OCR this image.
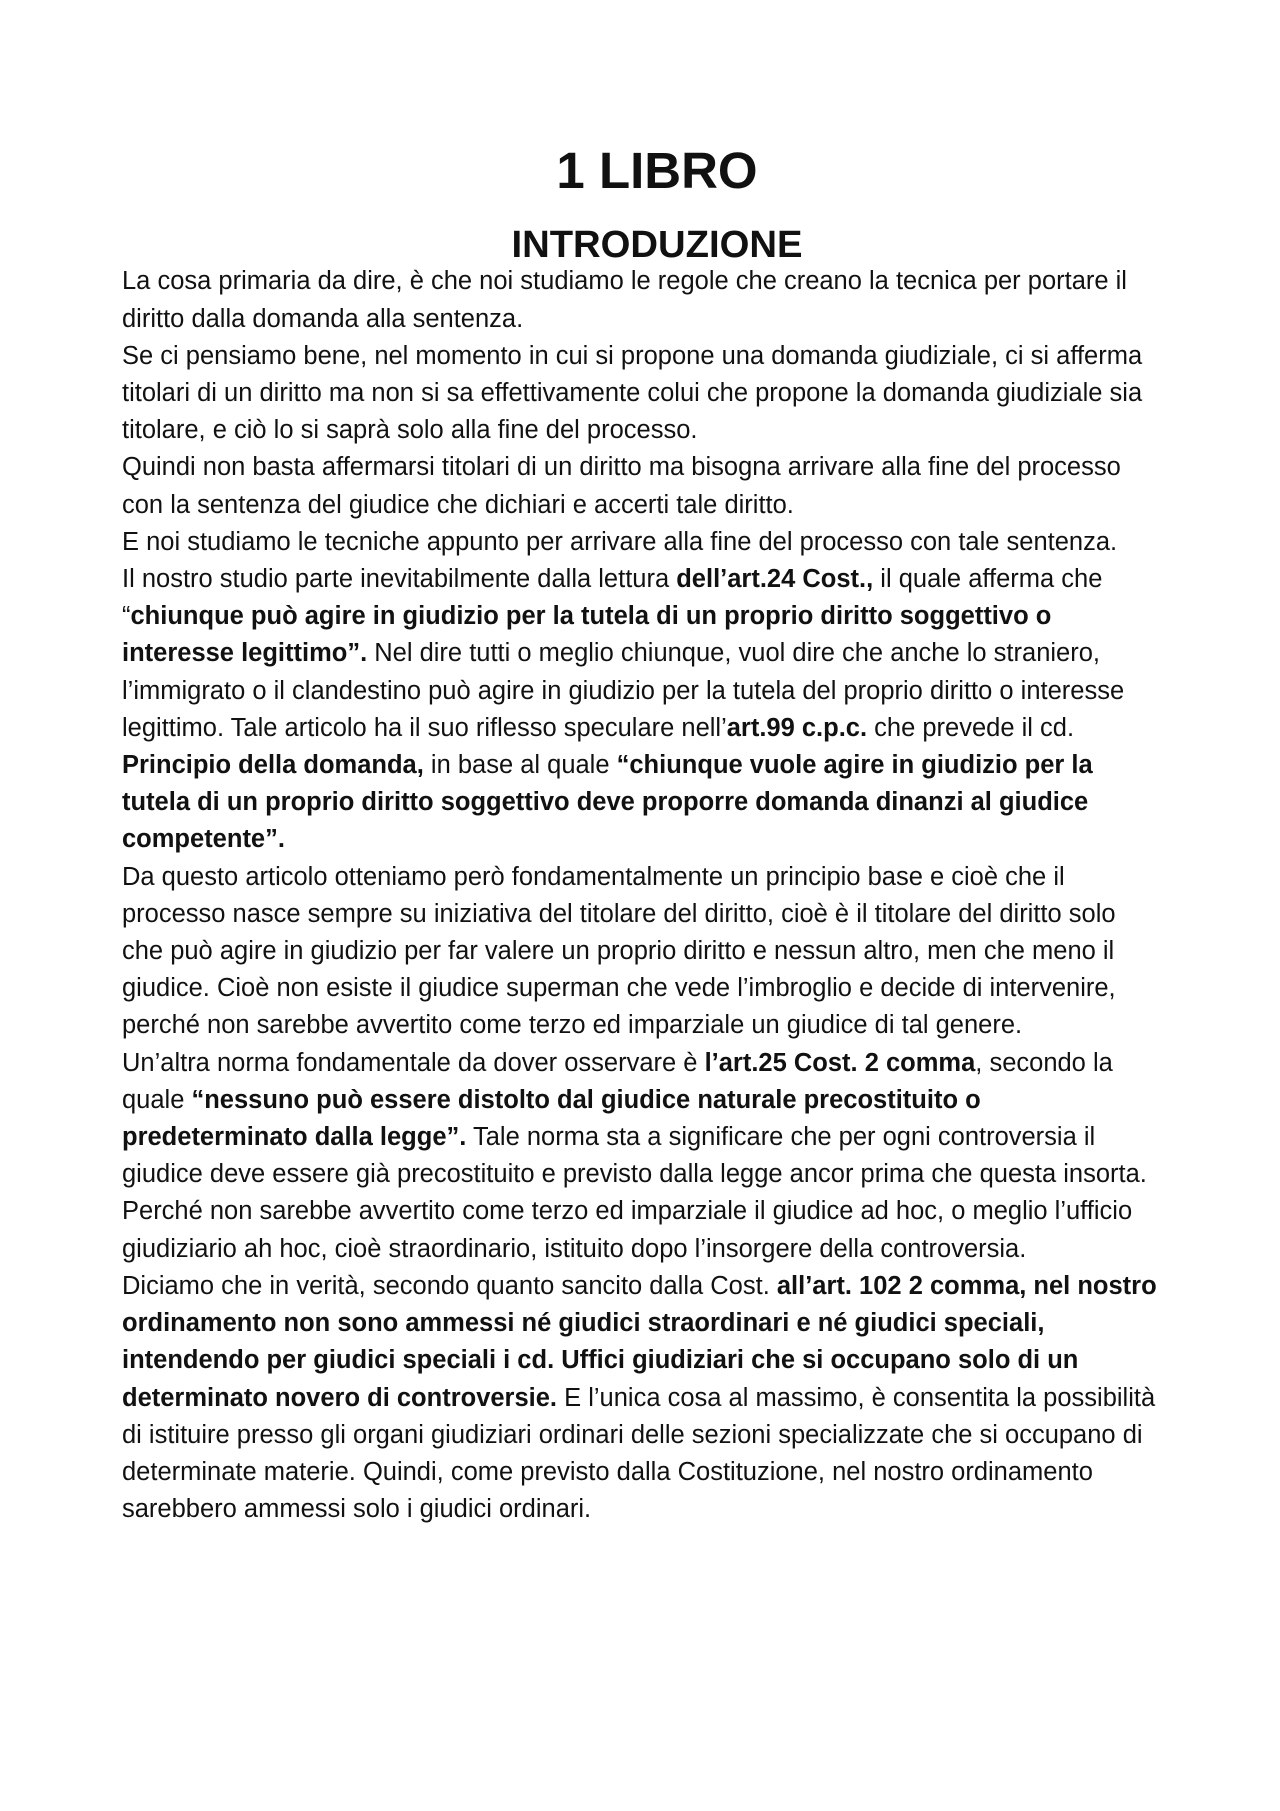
1 LIBRO
INTRODUZIONE

La cosa primaria da dire, è che noi studiamo le regole che creano la tecnica per portare il diritto dalla domanda alla sentenza.

Se ci pensiamo bene, nel momento in cui si propone una domanda giudiziale, ci si afferma titolari di un diritto ma non si sa effettivamente colui che propone la domanda giudiziale sia titolare, e ciò lo si saprà solo alla fine del processo.

Quindi non basta affermarsi titolari di un diritto ma bisogna arrivare alla fine del processo con la sentenza del giudice che dichiari e accerti tale diritto.

E noi studiamo le tecniche appunto per arrivare alla fine del processo con tale sentenza.

Il nostro studio parte inevitabilmente dalla lettura dell’art.24 Cost., il quale afferma che “chiunque può agire in giudizio per la tutela di un proprio diritto soggettivo o interesse legittimo”. Nel dire tutti o meglio chiunque, vuol dire che anche lo straniero, l’immigrato o il clandestino può agire in giudizio per la tutela del proprio diritto o interesse legittimo. Tale articolo ha il suo riflesso speculare nell’art.99 c.p.c. che prevede il cd. Principio della domanda, in base al quale “chiunque vuole agire in giudizio per la tutela di un proprio diritto soggettivo deve proporre domanda dinanzi al giudice competente”.

Da questo articolo otteniamo però fondamentalmente un principio base e cioè che il processo nasce sempre su iniziativa del titolare del diritto, cioè è il titolare del diritto solo che può agire in giudizio per far valere un proprio diritto e nessun altro, men che meno il giudice. Cioè non esiste il giudice superman che vede l’imbroglio e decide di intervenire, perché non sarebbe avvertito come terzo ed imparziale un giudice di tal genere.

Un’altra norma fondamentale da dover osservare è l’art.25 Cost. 2 comma, secondo la quale “nessuno può essere distolto dal giudice naturale precostituito o predeterminato dalla legge”. Tale norma sta a significare che per ogni controversia il giudice deve essere già precostituito e previsto dalla legge ancor prima che questa insorta. Perché non sarebbe avvertito come terzo ed imparziale il giudice ad hoc, o meglio l’ufficio giudiziario ah hoc, cioè straordinario, istituito dopo l’insorgere della controversia.

Diciamo che in verità, secondo quanto sancito dalla Cost. all’art. 102 2 comma, nel nostro ordinamento non sono ammessi né giudici straordinari e né giudici speciali, intendendo per giudici speciali i cd. Uffici giudiziari che si occupano solo di un determinato novero di controversie. E l’unica cosa al massimo, è consentita la possibilità di istituire presso gli organi giudiziari ordinari delle sezioni specializzate che si occupano di determinate materie. Quindi, come previsto dalla Costituzione, nel nostro ordinamento sarebbero ammessi solo i giudici ordinari.
